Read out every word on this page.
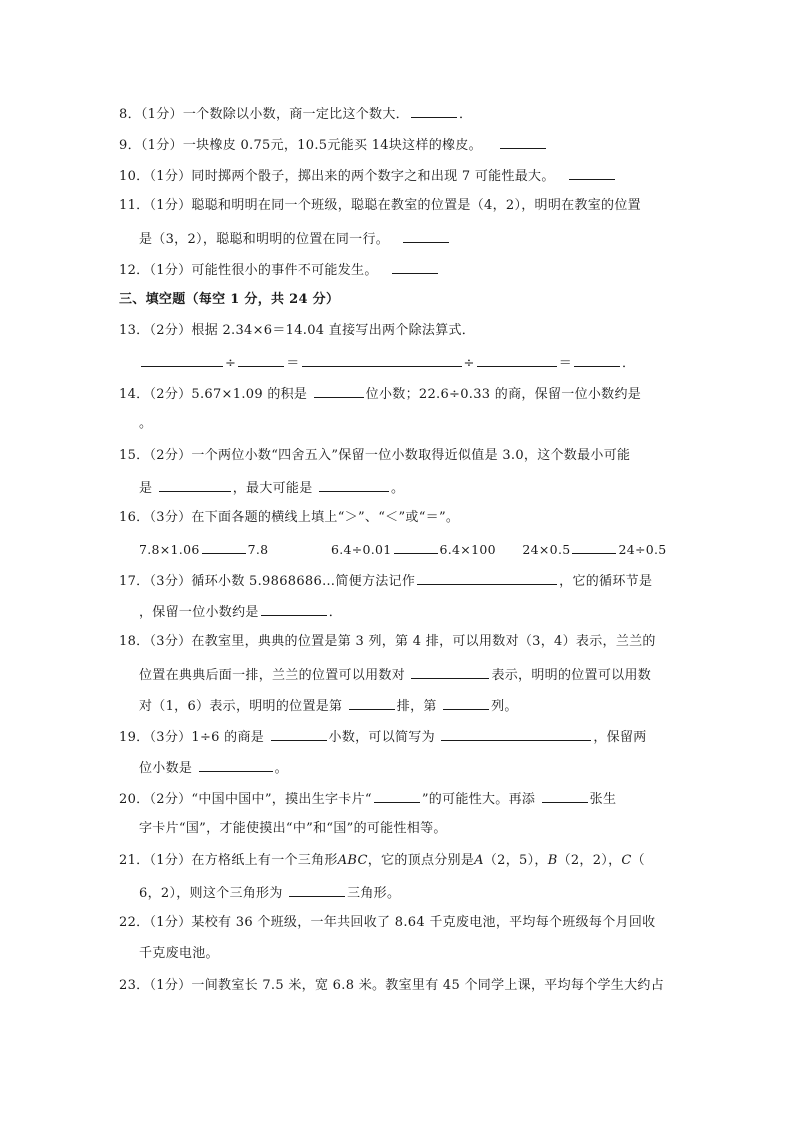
8．（1分）一个数除以小数，商一定比这个数大．	．
9．（1分）一块橡皮 0.75元，10.5元能买 14块这样的橡皮。
10．（1分）同时掷两个骰子，掷出来的两个数字之和出现 7 可能性最大。
11．（1分）聪聪和明明在同一个班级，聪聪在教室的位置是（4，2），明明在教室的位置
是（3，2），聪聪和明明的位置在同一行。
12．（1分）可能性很小的事件不可能发生。
三、填空题（每空 1 分，共 24 分）
13．（2分）根据 2.34×6＝14.04 直接写出两个除法算式．
÷	＝	÷	＝	．
14．（2分）5.67×1.09 的积是	位小数；22.6÷0.33 的商，保留一位小数约是
。
15．（2分）一个两位小数“四舍五入”保留一位小数取得近似值是 3.0，这个数最小可能
是	，最大可能是	。
16．（3分）在下面各题的横线上填上“＞”、“＜”或“＝”。
7.8×1.06	7.8	6.4÷0.01	6.4×100 24×0.5	24÷0.5
17．（3分）循环小数 5.9868686…简便方法记作	，它的循环节是
，保留一位小数约是	．
18．（3分）在教室里，典典的位置是第 3 列，第 4 排，可以用数对（3，4）表示，兰兰的
位置在典典后面一排，兰兰的位置可以用数对	表示，明明的位置可以用数
对（1，6）表示，明明的位置是第	排，第	列。
19．（3分）1÷6 的商是	小数，可以简写为	，保留两
位小数是	。
20．（2分）“中国中国中”，摸出生字卡片“	”的可能性大。再添	张生
字卡片“国”，才能使摸出“中”和“国”的可能性相等。
21．（1分）在方格纸上有一个三角形ABC，它的顶点分别是A（2，5），B（2，2），C（
6，2），则这个三角形为	三角形。
22．（1分）某校有 36 个班级，一年共回收了 8.64 千克废电池，平均每个班级每个月回收
千克废电池。
23．（1分）一间教室长 7.5 米，宽 6.8 米。教室里有 45 个同学上课，平均每个学生大约占
